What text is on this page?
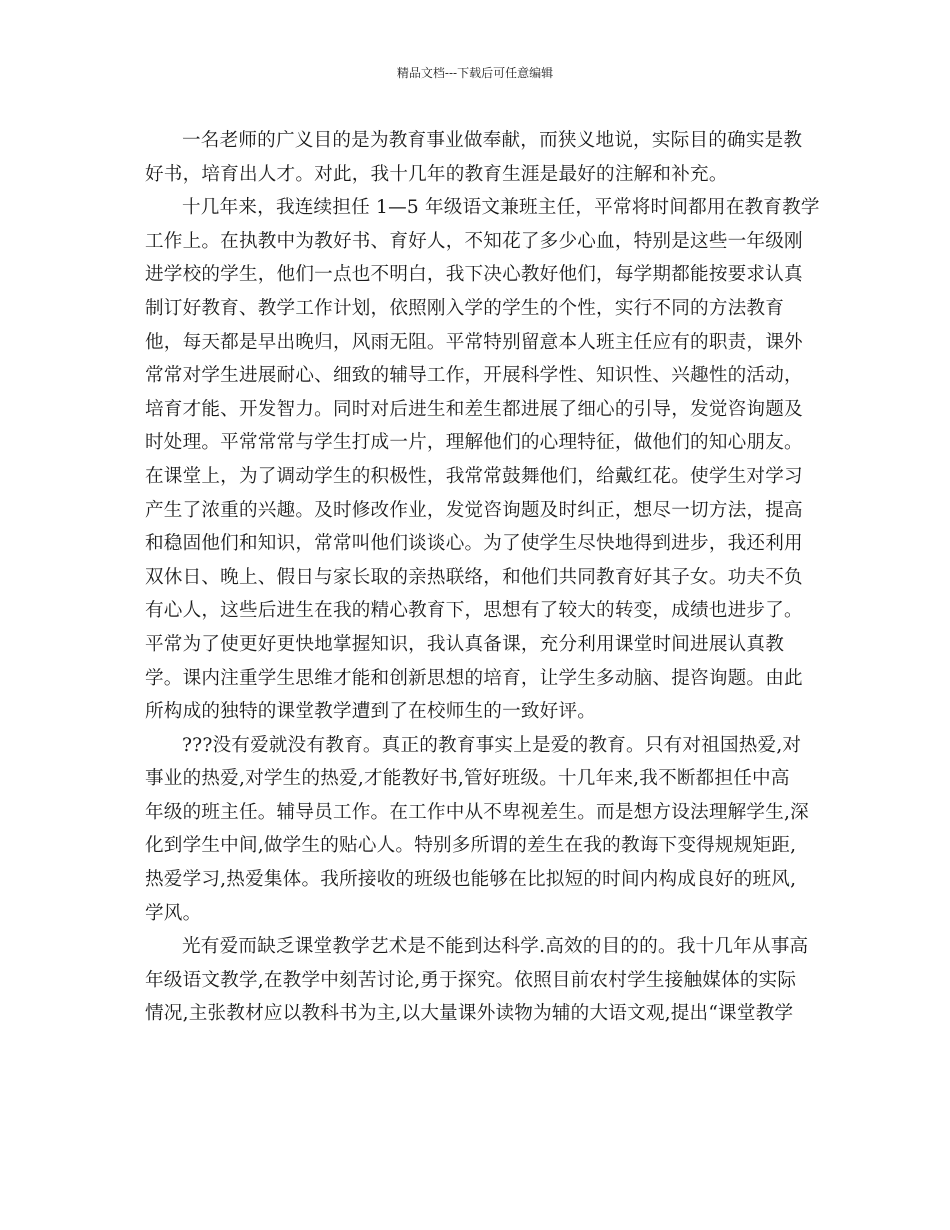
精品文档---下载后可任意编辑

一名老师的广义目的是为教育事业做奉献，而狭义地说，实际目的确实是教
好书，培育出人才。对此，我十几年的教育生涯是最好的注解和补充。

十几年来，我连续担任 1—5 年级语文兼班主任，平常将时间都用在教育教学
工作上。在执教中为教好书、育好人，不知花了多少心血，特别是这些一年级刚
进学校的学生，他们一点也不明白，我下决心教好他们，每学期都能按要求认真
制订好教育、教学工作计划，依照刚入学的学生的个性，实行不同的方法教育
他，每天都是早出晚归，风雨无阻。平常特别留意本人班主任应有的职责，课外
常常对学生进展耐心、细致的辅导工作，开展科学性、知识性、兴趣性的活动，
培育才能、开发智力。同时对后进生和差生都进展了细心的引导，发觉咨询题及
时处理。平常常常与学生打成一片，理解他们的心理特征，做他们的知心朋友。
在课堂上，为了调动学生的积极性，我常常鼓舞他们，给戴红花。使学生对学习
产生了浓重的兴趣。及时修改作业，发觉咨询题及时纠正，想尽一切方法，提高
和稳固他们和知识，常常叫他们谈谈心。为了使学生尽快地得到进步，我还利用
双休日、晚上、假日与家长取的亲热联络，和他们共同教育好其子女。功夫不负
有心人，这些后进生在我的精心教育下，思想有了较大的转变，成绩也进步了。
平常为了使更好更快地掌握知识，我认真备课，充分利用课堂时间进展认真教
学。课内注重学生思维才能和创新思想的培育，让学生多动脑、提咨询题。由此
所构成的独特的课堂教学遭到了在校师生的一致好评。

???没有爱就没有教育。真正的教育事实上是爱的教育。只有对祖国热爱,对
事业的热爱,对学生的热爱,才能教好书,管好班级。十几年来,我不断都担任中高
年级的班主任。辅导员工作。在工作中从不卑视差生。而是想方设法理解学生,深
化到学生中间,做学生的贴心人。特别多所谓的差生在我的教诲下变得规规矩距,
热爱学习,热爱集体。我所接收的班级也能够在比拟短的时间内构成良好的班风,
学风。

光有爱而缺乏课堂教学艺术是不能到达科学.高效的目的的。我十几年从事高
年级语文教学,在教学中刻苦讨论,勇于探究。依照目前农村学生接触媒体的实际
情况,主张教材应以教科书为主,以大量课外读物为辅的大语文观,提出“课堂教学
